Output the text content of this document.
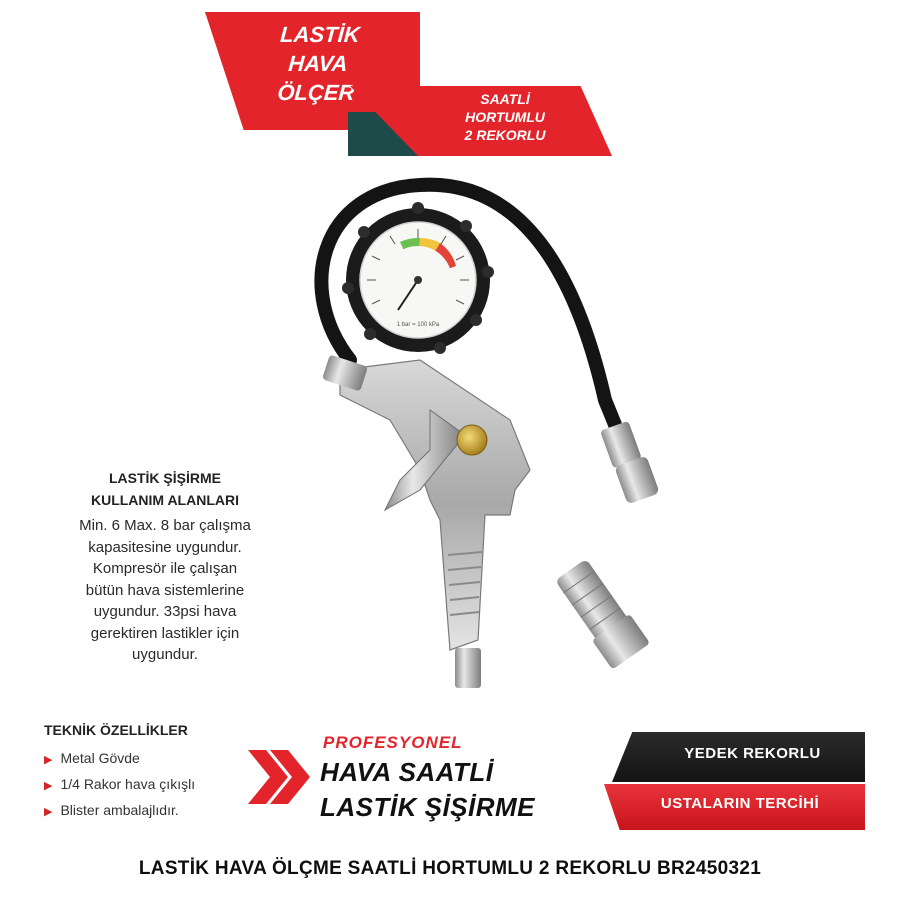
LASTİK
HAVA
ÖLÇER	SAATLİ
HORTUMLU
2 REKORLU
1 bar = 100 kPa
LASTİK ŞİŞİRME
KULLANIM ALANLARI
Min. 6 Max. 8 bar çalışma
kapasitesine uygundur.
Kompresör ile çalışan
bütün hava sistemlerine
uygundur. 33psi hava
gerektiren lastikler için
uygundur.
TEKNİK ÖZELLİKLER
▶ Metal Gövde
▶ 1/4 Rakor hava çıkışlı
▶ Blister ambalajlıdır.
PROFESYONEL
HAVA SAATLİ
LASTİK ŞİŞİRME
YEDEK REKORLU
USTALARIN TERCİHİ
LASTİK HAVA ÖLÇME SAATLİ HORTUMLU 2 REKORLU BR2450321
